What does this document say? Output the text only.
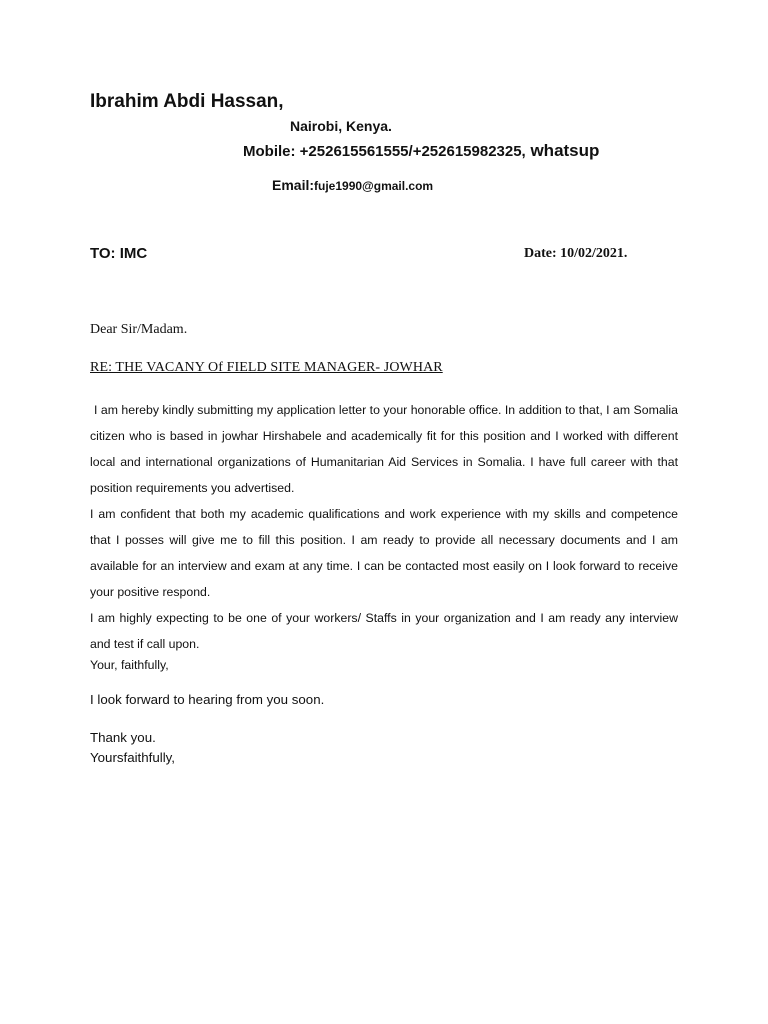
Ibrahim Abdi Hassan,
Nairobi, Kenya.
Mobile: +252615561555/+252615982325, whatsup
Email:fuje1990@gmail.com
TO: IMC	Date: 10/02/2021.
Dear Sir/Madam.
RE: THE VACANY Of FIELD SITE MANAGER- JOWHAR

I am hereby kindly submitting my application letter to your honorable office. In addition to that, I am Somalia citizen who is based in jowhar Hirshabele and academically fit for this position and I worked with different local and international organizations of Humanitarian Aid Services in Somalia. I have full career with that position requirements you advertised.

I am confident that both my academic qualifications and work experience with my skills and competence that I posses will give me to fill this position. I am ready to provide all necessary documents and I am available for an interview and exam at any time. I can be contacted most easily on I look forward to receive your positive respond.

I am highly expecting to be one of your workers/ Staffs in your organization and I am ready any interview and test if call upon.

Your, faithfully,
I look forward to hearing from you soon.
Thank you.
Yoursfaithfully,
